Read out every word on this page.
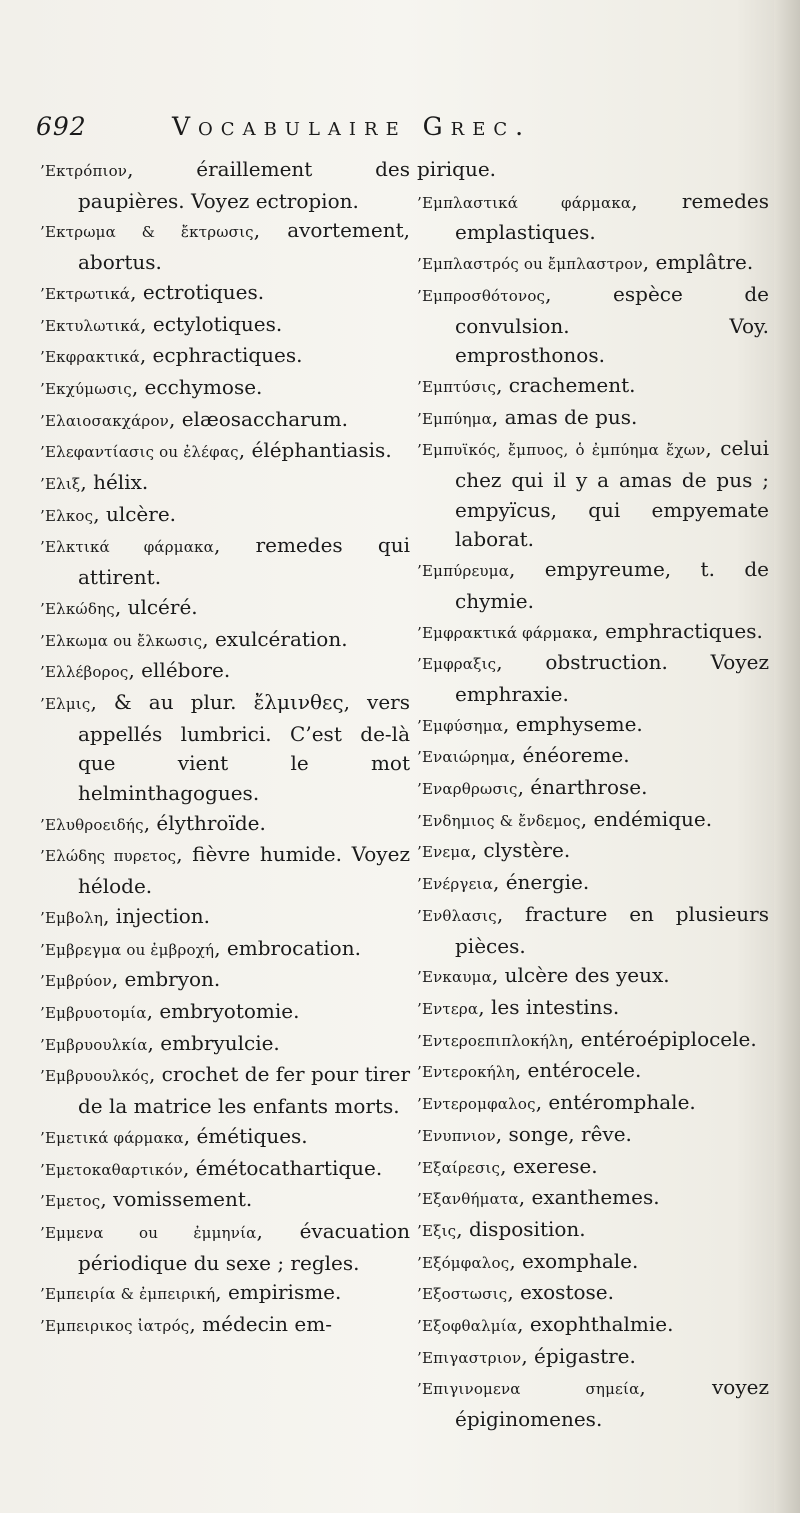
692	Vocabulaire Grec.
’Εκτρόπιον, éraillement des paupières. Voyez ectropion.
’Εκτρωμα & ἔκτρωσις, avortement, abortus.
’Εκτρωτικά, ectrotiques.
’Εκτυλωτικά, ectylotiques.
’Εκφρακτικά, ecphractiques.
’Εκχύμωσις, ecchymose.
’Ελαιοσακχάρον, elæosaccharum.
’Ελεφαντίασις ou ἐλέφας, éléphantiasis.
’Ελιξ, hélix.
’Ελκος, ulcère.
’Ελκτικά φάρμακα, remedes qui attirent.
’Ελκώδης, ulcéré.
’Ελκωμα ou ἔλκωσις, exulcération.
’Ελλέβορος, ellébore.
’Ελμις, & au plur. ἔλμινθες, vers appellés lumbrici. C’est de-là que vient le mot helminthagogues.
’Ελυθροειδής, élythroïde.
’Ελώδης πυρετος, fièvre humide. Voyez hélode.
’Εμβολη, injection.
’Εμβρεγμα ou ἐμβροχή, embrocation.
’Εμβρύον, embryon.
’Εμβρυοτομία, embryotomie.
’Εμβρυουλκία, embryulcie.
’Εμβρυουλκός, crochet de fer pour tirer de la matrice les enfants morts.
’Εμετικά φάρμακα, émétiques.
’Εμετοκαθαρτικόν, émétocathartique.
’Εμετος, vomissement.
’Εμμενα ou ἐμμηνία, évacuation périodique du sexe ; regles.
’Εμπειρία & ἐμπειρική, empirisme.
’Εμπειρικος ἰατρός, médecin em-
pirique.
’Εμπλαστικά φάρμακα, remedes emplastiques.
’Εμπλαστρός ou ἔμπλαστρον, emplâtre.
’Εμπροσθότονος, espèce de convulsion. Voy. emprosthonos.
’Εμπτύσις, crachement.
’Εμπύημα, amas de pus.
’Εμπυϊκός, ἔμπυος, ὁ ἐμπύημα ἔχων, celui chez qui il y a amas de pus ; empyïcus, qui empyemate laborat.
’Εμπύρευμα, empyreume, t. de chymie.
’Εμφρακτικά φάρμακα, emphractiques.
’Εμφραξις, obstruction. Voyez emphraxie.
’Εμφύσημα, emphyseme.
’Εναιώρημα, énéoreme.
’Εναρθρωσις, énarthrose.
’Ενδημιος & ἔνδεμος, endémique.
’Ενεμα, clystère.
’Ενέργεια, énergie.
’Ενθλασις, fracture en plusieurs pièces.
’Ενκαυμα, ulcère des yeux.
’Εντερα, les intestins.
’Εντεροεπιπλοκήλη, entéroépiplocele.
’Εντεροκήλη, entérocele.
’Εντερομφαλος, entéromphale.
’Ενυπνιον, songe, rêve.
’Εξαίρεσις, exerese.
’Εξανθήματα, exanthemes.
’Εξις, disposition.
’Εξόμφαλος, exomphale.
’Εξοστωσις, exostose.
’Εξοφθαλμία, exophthalmie.
’Επιγαστριον, épigastre.
’Επιγινομενα σημεία, voyez épiginomenes.
